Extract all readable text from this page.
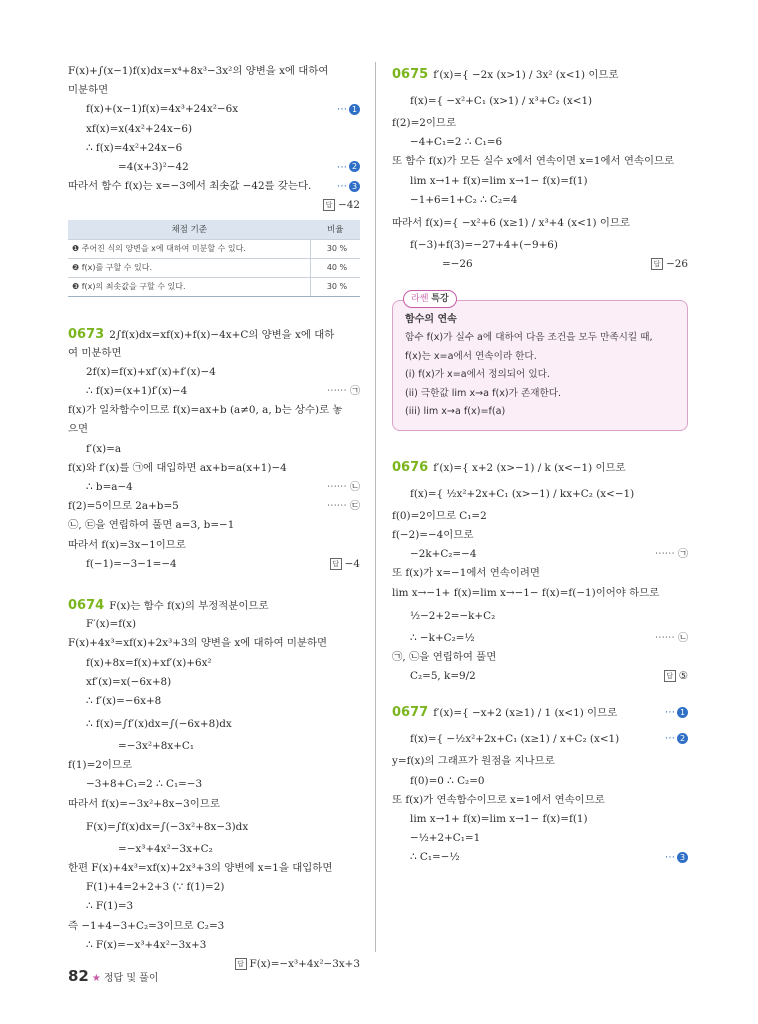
F(x)+∫(x−1)f(x)dx=x⁴+8x³−3x²의 양변을 x에 대하여
미분하면
f(x)+(x−1)f(x)=4x³+24x²−6x	⋯ 1
xf(x)=x(4x²+24x−6)
∴ f(x)=4x²+24x−6
=4(x+3)²−42	⋯ 2
따라서 함수 f(x)는 x=−3에서 최솟값 −42를 갖는다.	⋯ 3
답 −42
채점 기준	비율
❶ 주어진 식의 양변을 x에 대하여 미분할 수 있다.	30 %
❷ f(x)를 구할 수 있다.	40 %
❸ f(x)의 최솟값을 구할 수 있다.	30 %
0673 2∫f(x)dx=xf(x)+f(x)−4x+C의 양변을 x에 대하
여 미분하면
2f(x)=f(x)+xf′(x)+f′(x)−4
∴ f(x)=(x+1)f′(x)−4	⋯⋯ ㉠
f(x)가 일차함수이므로 f(x)=ax+b (a≠0, a, b는 상수)로 놓
으면
f′(x)=a
f(x)와 f′(x)를 ㉠에 대입하면 ax+b=a(x+1)−4
∴ b=a−4	⋯⋯ ㉡
f(2)=5이므로 2a+b=5	⋯⋯ ㉢
㉡, ㉢을 연립하여 풀면 a=3, b=−1
따라서 f(x)=3x−1이므로
f(−1)=−3−1=−4	답 −4
0674 F(x)는 함수 f(x)의 부정적분이므로
F′(x)=f(x)
F(x)+4x³=xf(x)+2x³+3의 양변을 x에 대하여 미분하면
f(x)+8x=f(x)+xf′(x)+6x²
xf′(x)=x(−6x+8)
∴ f′(x)=−6x+8
∴ f(x)=∫f′(x)dx=∫(−6x+8)dx
=−3x²+8x+C₁
f(1)=2이므로
−3+8+C₁=2 ∴ C₁=−3
따라서 f(x)=−3x²+8x−3이므로
F(x)=∫f(x)dx=∫(−3x²+8x−3)dx
=−x³+4x²−3x+C₂
한편 F(x)+4x³=xf(x)+2x³+3의 양변에 x=1을 대입하면
F(1)+4=2+2+3 (∵ f(1)=2)
∴ F(1)=3
즉 −1+4−3+C₂=3이므로 C₂=3
∴ F(x)=−x³+4x²−3x+3
답 F(x)=−x³+4x²−3x+3
0675 f′(x)={ −2x (x>1) / 3x² (x<1) 이므로
f(x)={ −x²+C₁ (x>1) / x³+C₂ (x<1)
f(2)=2이므로
−4+C₁=2 ∴ C₁=6
또 함수 f(x)가 모든 실수 x에서 연속이면 x=1에서 연속이므로
lim x→1+ f(x)=lim x→1− f(x)=f(1)
−1+6=1+C₂ ∴ C₂=4
따라서 f(x)={ −x²+6 (x≥1) / x³+4 (x<1) 이므로
f(−3)+f(3)=−27+4+(−9+6)
=−26	답 −26
라쎈 특강
함수의 연속
함수 f(x)가 실수 a에 대하여 다음 조건을 모두 만족시킬 때,
f(x)는 x=a에서 연속이라 한다.
(i) f(x)가 x=a에서 정의되어 있다.
(ii) 극한값 lim x→a f(x)가 존재한다.
(iii) lim x→a f(x)=f(a)
0676 f′(x)={ x+2 (x>−1) / k (x<−1) 이므로
f(x)={ ½x²+2x+C₁ (x>−1) / kx+C₂ (x<−1)
f(0)=2이므로 C₁=2
f(−2)=−4이므로
−2k+C₂=−4	⋯⋯ ㉠
또 f(x)가 x=−1에서 연속이려면
lim x→−1+ f(x)=lim x→−1− f(x)=f(−1)이어야 하므로
½−2+2=−k+C₂
∴ −k+C₂=½	⋯⋯ ㉡
㉠, ㉡을 연립하여 풀면
C₂=5, k=9/2	답 ⑤
0677 f′(x)={ −x+2 (x≥1) / 1 (x<1) 이므로	⋯ 1
f(x)={ −½x²+2x+C₁ (x≥1) / x+C₂ (x<1)	⋯ 2
y=f(x)의 그래프가 원점을 지나므로
f(0)=0 ∴ C₂=0
또 f(x)가 연속함수이므로 x=1에서 연속이므로
lim x→1+ f(x)=lim x→1− f(x)=f(1)
−½+2+C₁=1
∴ C₁=−½	⋯ 3
82 ★ 정답 및 풀이
